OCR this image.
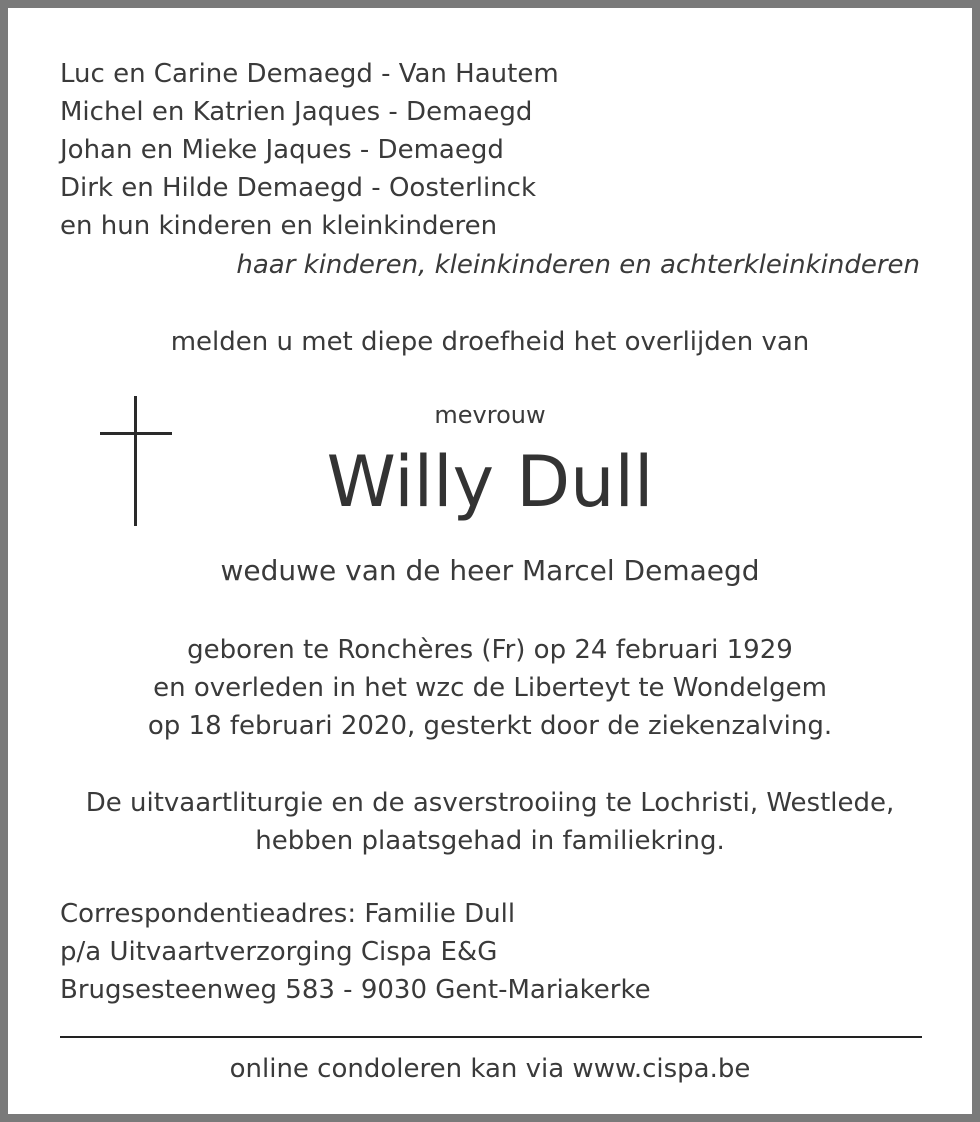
Luc en Carine Demaegd - Van Hautem
Michel en Katrien Jaques - Demaegd
Johan en Mieke Jaques - Demaegd
Dirk en Hilde Demaegd - Oosterlinck
en hun kinderen en kleinkinderen
haar kinderen, kleinkinderen en achterkleinkinderen
melden u met diepe droefheid het overlijden van
mevrouw
Willy Dull
weduwe van de heer Marcel Demaegd
geboren te Ronchères (Fr) op 24 februari 1929
en overleden in het wzc de Liberteyt te Wondelgem
op 18 februari 2020, gesterkt door de ziekenzalving.
De uitvaartliturgie en de asverstrooiing te Lochristi, Westlede,
hebben plaatsgehad in familiekring.
Correspondentieadres: Familie Dull
p/a Uitvaartverzorging Cispa E&G
Brugsesteenweg 583 - 9030 Gent-Mariakerke
online condoleren kan via www.cispa.be
